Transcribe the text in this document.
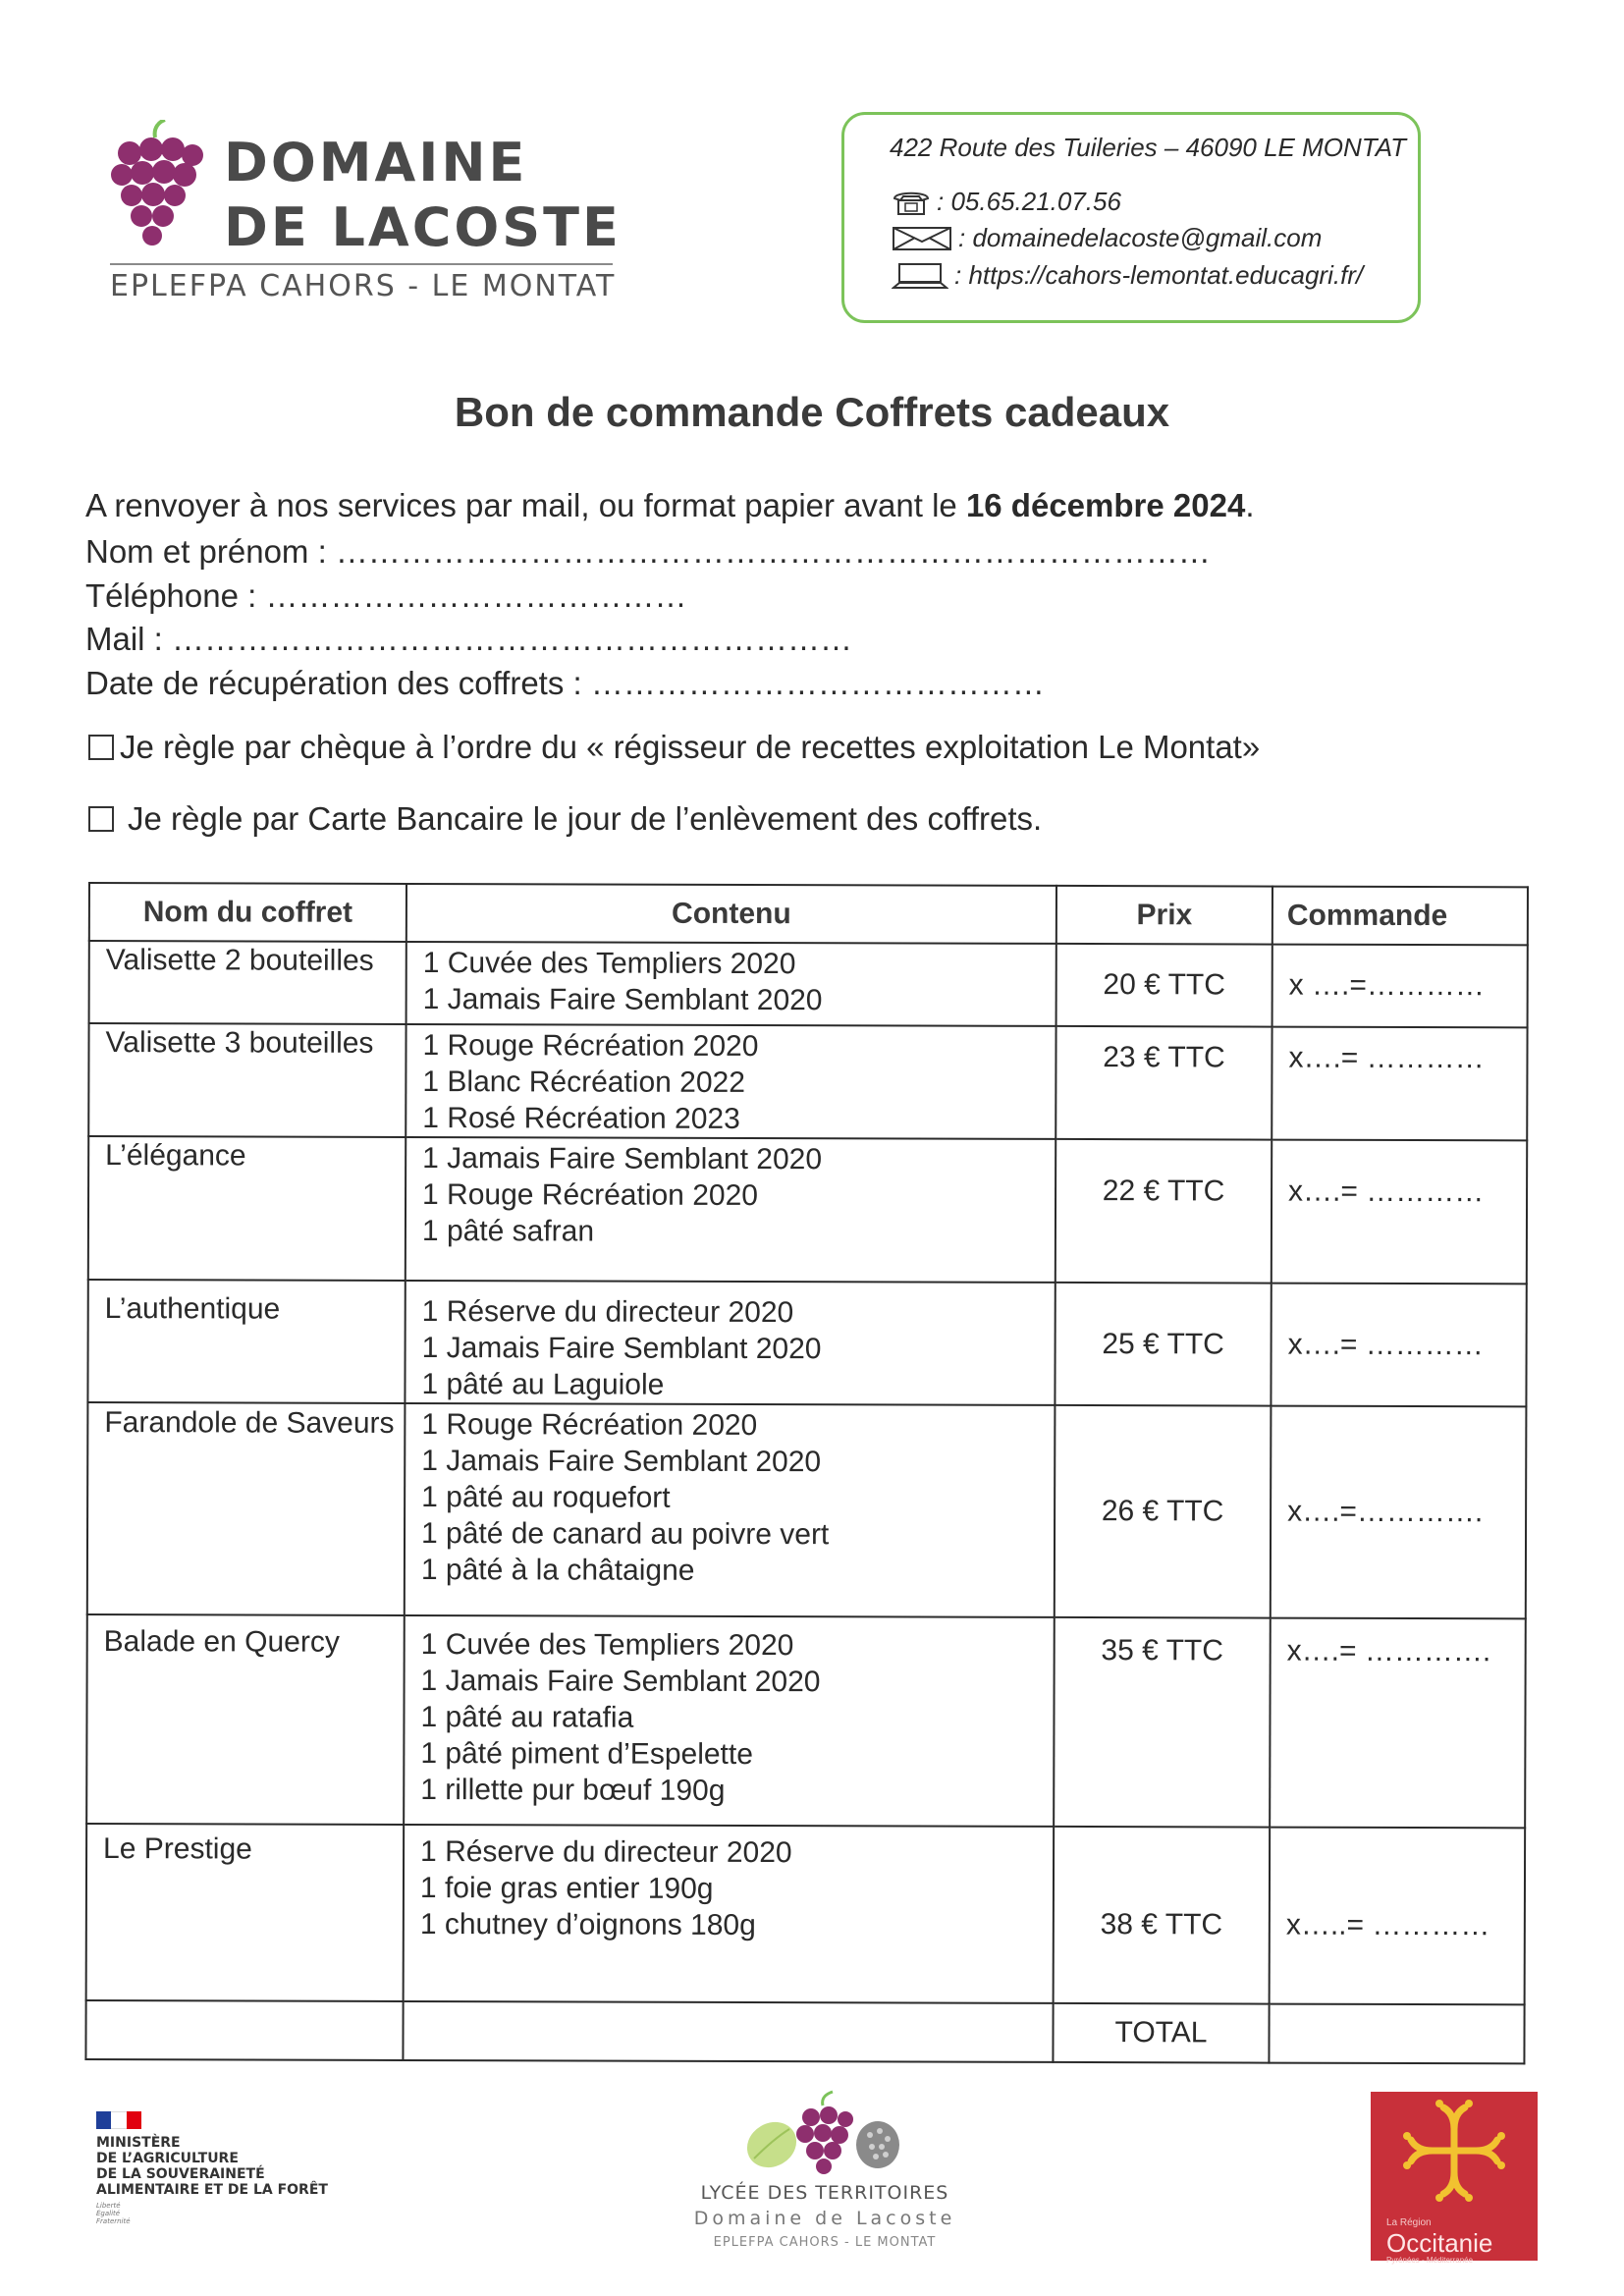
DOMAINE
DE LACOSTE
EPLEFPA CAHORS - LE MONTAT
422 Route des Tuileries – 46090 LE MONTAT
: 05.65.21.07.56
: domainedelacoste@gmail.com
: https://cahors-lemontat.educagri.fr/
Bon de commande Coffrets cadeaux
A renvoyer à nos services par mail, ou format papier avant le 16 décembre 2024.
Nom et prénom : ………………………………………………………………………
Téléphone : …………………………………
Mail : ………………………………………………………
Date de récupération des coffrets : ……………………………………
Je règle par chèque à l’ordre du « régisseur de recettes exploitation Le Montat»
Je règle par Carte Bancaire le jour de l’enlèvement des coffrets.
Nom du coffret	Contenu	Prix	Commande
Valisette 2 bouteilles	1 Cuvée des Templiers 2020
1 Jamais Faire Semblant 2020	20 € TTC	x ….=…………
Valisette 3 bouteilles	1 Rouge Récréation 2020
1 Blanc Récréation 2022
1 Rosé Récréation 2023	23 € TTC	x….= …………
L’élégance	1 Jamais Faire Semblant 2020
1 Rouge Récréation 2020
1 pâté safran	22 € TTC	x….= …………
L’authentique	1 Réserve du directeur 2020
1 Jamais Faire Semblant 2020
1 pâté au Laguiole	25 € TTC	x….= …………
Farandole de Saveurs	1 Rouge Récréation 2020
1 Jamais Faire Semblant 2020
1 pâté au roquefort
1 pâté de canard au poivre vert
1 pâté à la châtaigne	26 € TTC	x….=………….
Balade en Quercy	1 Cuvée des Templiers 2020
1 Jamais Faire Semblant 2020
1 pâté au ratafia
1 pâté piment d’Espelette
1 rillette pur bœuf 190g	35 € TTC	x….= ………….
Le Prestige	1 Réserve du directeur 2020
1 foie gras entier 190g
1 chutney d’oignons 180g	38 € TTC	x…..= …………
		TOTAL	
MINISTÈRE
DE L’AGRICULTURE
DE LA SOUVERAINETÉ
ALIMENTAIRE ET DE LA FORÊT
Liberté
Égalité
Fraternité
LYCÉE DES TERRITOIRES
Domaine de Lacoste
EPLEFPA CAHORS - LE MONTAT
La Région
Occitanie
Pyrénées - Méditerranée
